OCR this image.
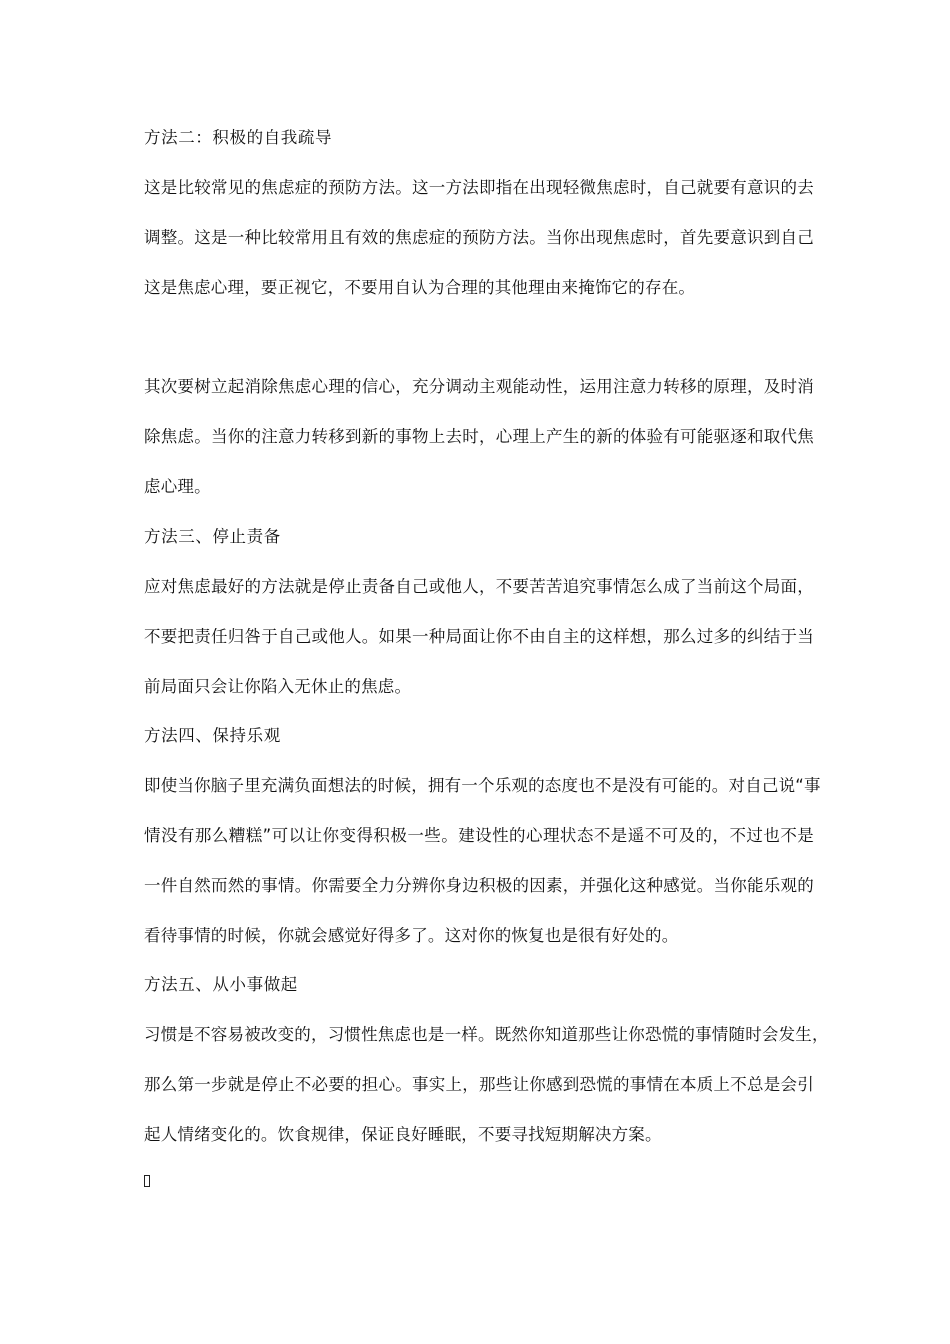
方法二：积极的自我疏导
这是比较常见的焦虑症的预防方法。这一方法即指在出现轻微焦虑时，自己就要有意识的去
调整。这是一种比较常用且有效的焦虑症的预防方法。当你出现焦虑时，首先要意识到自己
这是焦虑心理，要正视它，不要用自认为合理的其他理由来掩饰它的存在。
其次要树立起消除焦虑心理的信心，充分调动主观能动性，运用注意力转移的原理，及时消
除焦虑。当你的注意力转移到新的事物上去时，心理上产生的新的体验有可能驱逐和取代焦
虑心理。
方法三、停止责备
应对焦虑最好的方法就是停止责备自己或他人，不要苦苦追究事情怎么成了当前这个局面，
不要把责任归咎于自己或他人。如果一种局面让你不由自主的这样想，那么过多的纠结于当
前局面只会让你陷入无休止的焦虑。
方法四、保持乐观
即使当你脑子里充满负面想法的时候，拥有一个乐观的态度也不是没有可能的。对自己说“事
情没有那么糟糕”可以让你变得积极一些。建设性的心理状态不是遥不可及的，不过也不是
一件自然而然的事情。你需要全力分辨你身边积极的因素，并强化这种感觉。当你能乐观的
看待事情的时候，你就会感觉好得多了。这对你的恢复也是很有好处的。
方法五、从小事做起
习惯是不容易被改变的，习惯性焦虑也是一样。既然你知道那些让你恐慌的事情随时会发生，
那么第一步就是停止不必要的担心。事实上，那些让你感到恐慌的事情在本质上不总是会引
起人情绪变化的。饮食规律，保证良好睡眠，不要寻找短期解决方案。
